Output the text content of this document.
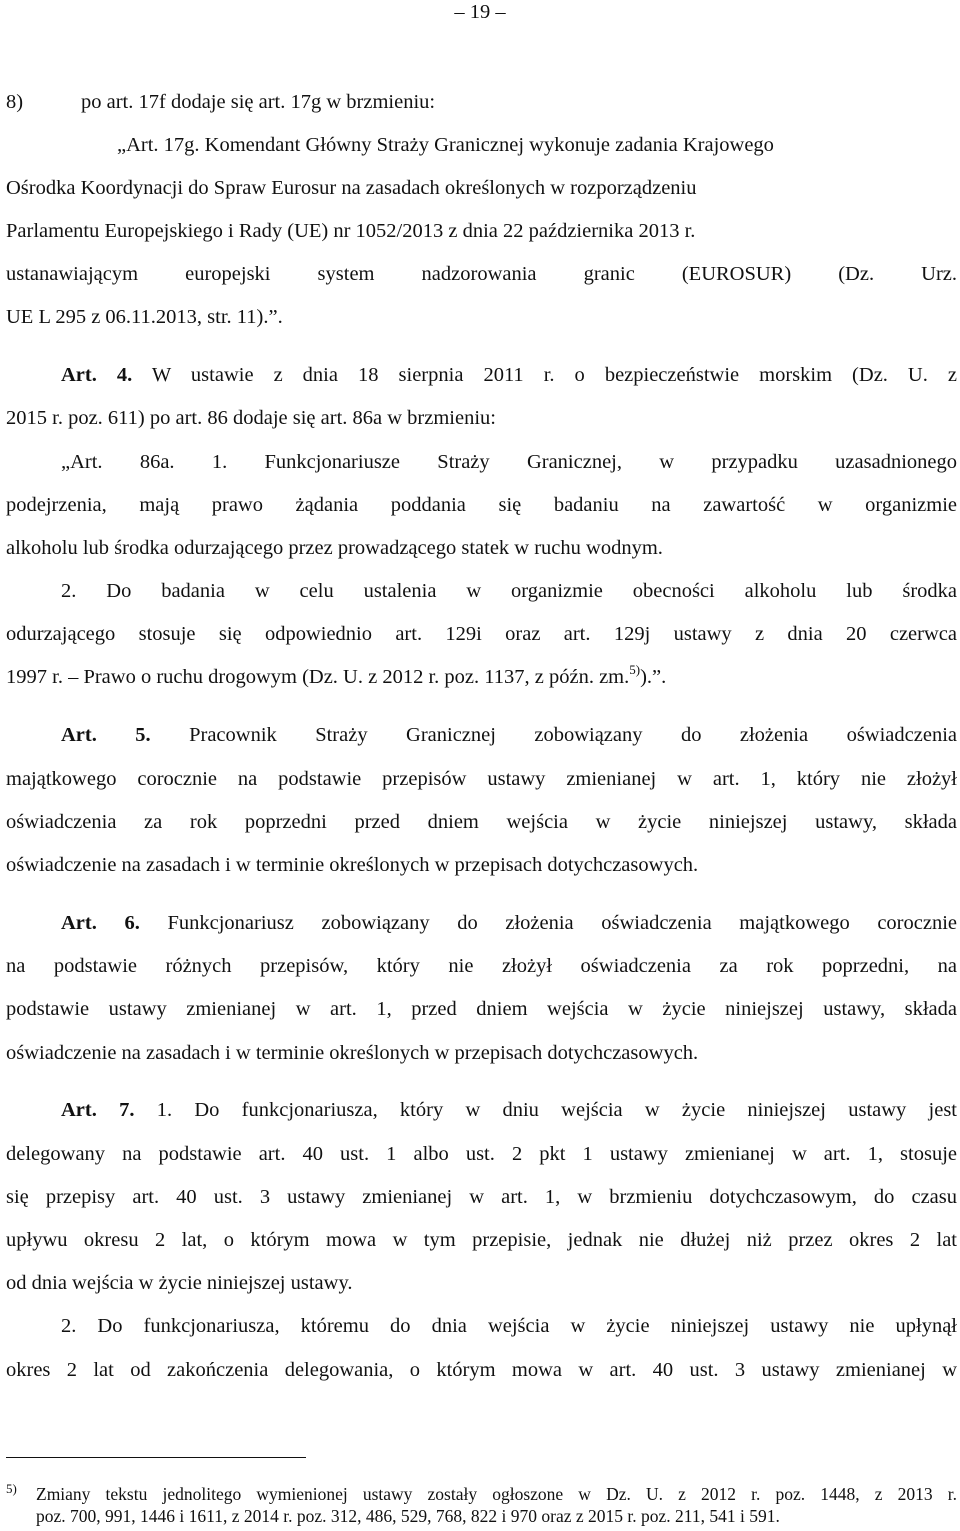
– 19 –
8)	po art. 17f dodaje się art. 17g w brzmieniu:
„Art. 17g. Komendant Główny Straży Granicznej wykonuje zadania Krajowego
Ośrodka Koordynacji do Spraw Eurosur na zasadach określonych w rozporządzeniu
Parlamentu Europejskiego i Rady (UE) nr 1052/2013 z dnia 22 października 2013 r.
ustanawiającym europejski system nadzorowania granic (EUROSUR) (Dz. Urz.
UE L 295 z 06.11.2013, str. 11).”.
Art. 4. W ustawie z dnia 18 sierpnia 2011 r. o bezpieczeństwie morskim (Dz. U. z
2015 r. poz. 611) po art. 86 dodaje się art. 86a w brzmieniu:
„Art. 86a. 1. Funkcjonariusze Straży Granicznej, w przypadku uzasadnionego
podejrzenia, mają prawo żądania poddania się badaniu na zawartość w organizmie
alkoholu lub środka odurzającego przez prowadzącego statek w ruchu wodnym.
2. Do badania w celu ustalenia w organizmie obecności alkoholu lub środka
odurzającego stosuje się odpowiednio art. 129i oraz art. 129j ustawy z dnia 20 czerwca
1997 r. – Prawo o ruchu drogowym (Dz. U. z 2012 r. poz. 1137, z późn. zm.$^{5)}$).”.
Art. 5. Pracownik Straży Granicznej zobowiązany do złożenia oświadczenia
majątkowego corocznie na podstawie przepisów ustawy zmienianej w art. 1, który nie złożył
oświadczenia za rok poprzedni przed dniem wejścia w życie niniejszej ustawy, składa
oświadczenie na zasadach i w terminie określonych w przepisach dotychczasowych.
Art. 6. Funkcjonariusz zobowiązany do złożenia oświadczenia majątkowego corocznie
na podstawie różnych przepisów, który nie złożył oświadczenia za rok poprzedni, na
podstawie ustawy zmienianej w art. 1, przed dniem wejścia w życie niniejszej ustawy, składa
oświadczenie na zasadach i w terminie określonych w przepisach dotychczasowych.
Art. 7. 1. Do funkcjonariusza, który w dniu wejścia w życie niniejszej ustawy jest
delegowany na podstawie art. 40 ust. 1 albo ust. 2 pkt 1 ustawy zmienianej w art. 1, stosuje
się przepisy art. 40 ust. 3 ustawy zmienianej w art. 1, w brzmieniu dotychczasowym, do czasu
upływu okresu 2 lat, o którym mowa w tym przepisie, jednak nie dłużej niż przez okres 2 lat
od dnia wejścia w życie niniejszej ustawy.
2. Do funkcjonariusza, któremu do dnia wejścia w życie niniejszej ustawy nie upłynął
okres 2 lat od zakończenia delegowania, o którym mowa w art. 40 ust. 3 ustawy zmienianej w
5) Zmiany tekstu jednolitego wymienionej ustawy zostały ogłoszone w Dz. U. z 2012 r. poz. 1448, z 2013 r.
poz. 700, 991, 1446 i 1611, z 2014 r. poz. 312, 486, 529, 768, 822 i 970 oraz z 2015 r. poz. 211, 541 i 591.
